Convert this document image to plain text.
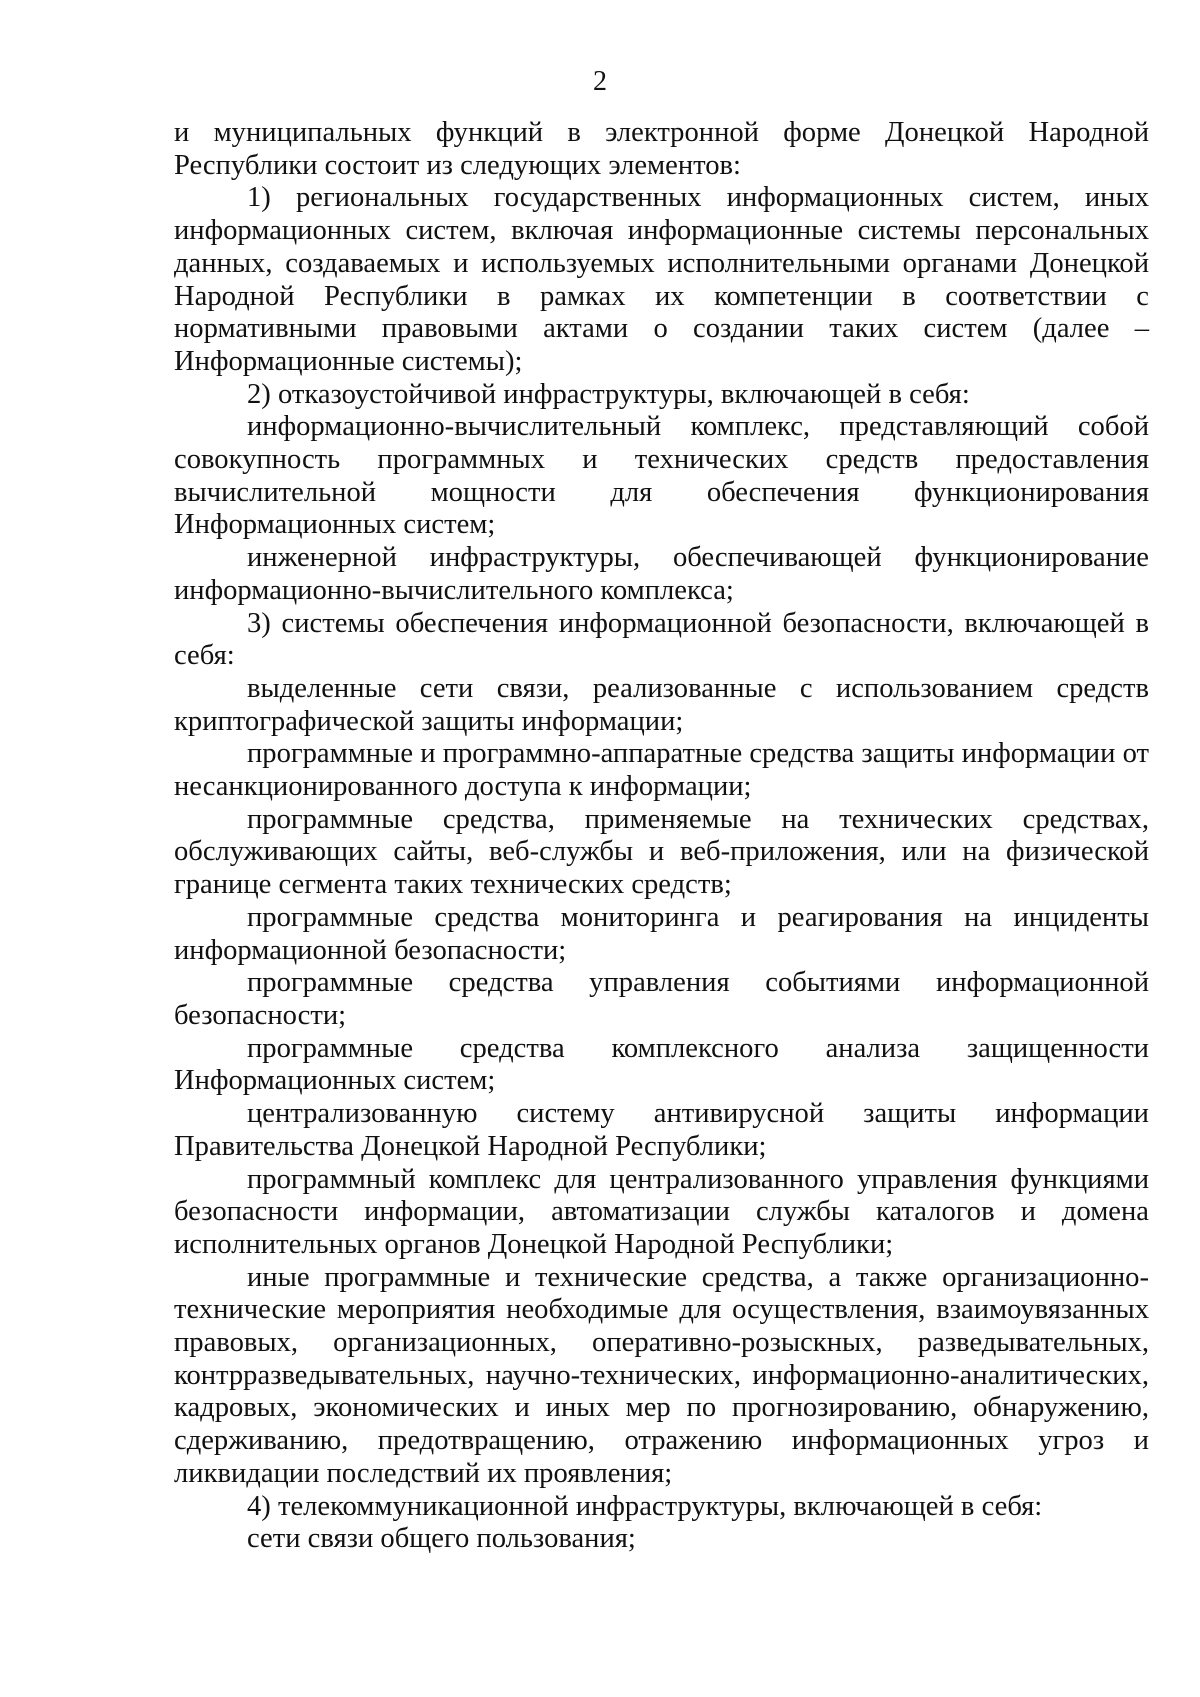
2

и муниципальных функций в электронной форме Донецкой Народной Республики состоит из следующих элементов:

1) региональных государственных информационных систем, иных информационных систем, включая информационные системы персональных данных, создаваемых и используемых исполнительными органами Донецкой Народной Республики в рамках их компетенции в соответствии с нормативными правовыми актами о создании таких систем (далее – Информационные системы);

2) отказоустойчивой инфраструктуры, включающей в себя:

информационно-вычислительный комплекс, представляющий собой совокупность программных и технических средств предоставления вычислительной мощности для обеспечения функционирования Информационных систем;

инженерной инфраструктуры, обеспечивающей функционирование информационно-вычислительного комплекса;

3) системы обеспечения информационной безопасности, включающей в себя:

выделенные сети связи, реализованные с использованием средств криптографической защиты информации;

программные и программно-аппаратные средства защиты информации от несанкционированного доступа к информации;

программные средства, применяемые на технических средствах, обслуживающих сайты, веб-службы и веб-приложения, или на физической границе сегмента таких технических средств;

программные средства мониторинга и реагирования на инциденты информационной безопасности;

программные средства управления событиями информационной безопасности;

программные средства комплексного анализа защищенности Информационных систем;

централизованную систему антивирусной защиты информации Правительства Донецкой Народной Республики;

программный комплекс для централизованного управления функциями безопасности информации, автоматизации службы каталогов и домена исполнительных органов Донецкой Народной Республики;

иные программные и технические средства, а также организационно-технические мероприятия необходимые для осуществления, взаимоувязанных правовых, организационных, оперативно-розыскных, разведывательных, контрразведывательных, научно-технических, информационно-аналитических, кадровых, экономических и иных мер по прогнозированию, обнаружению, сдерживанию, предотвращению, отражению информационных угроз и ликвидации последствий их проявления;

4) телекоммуникационной инфраструктуры, включающей в себя:

сети связи общего пользования;
